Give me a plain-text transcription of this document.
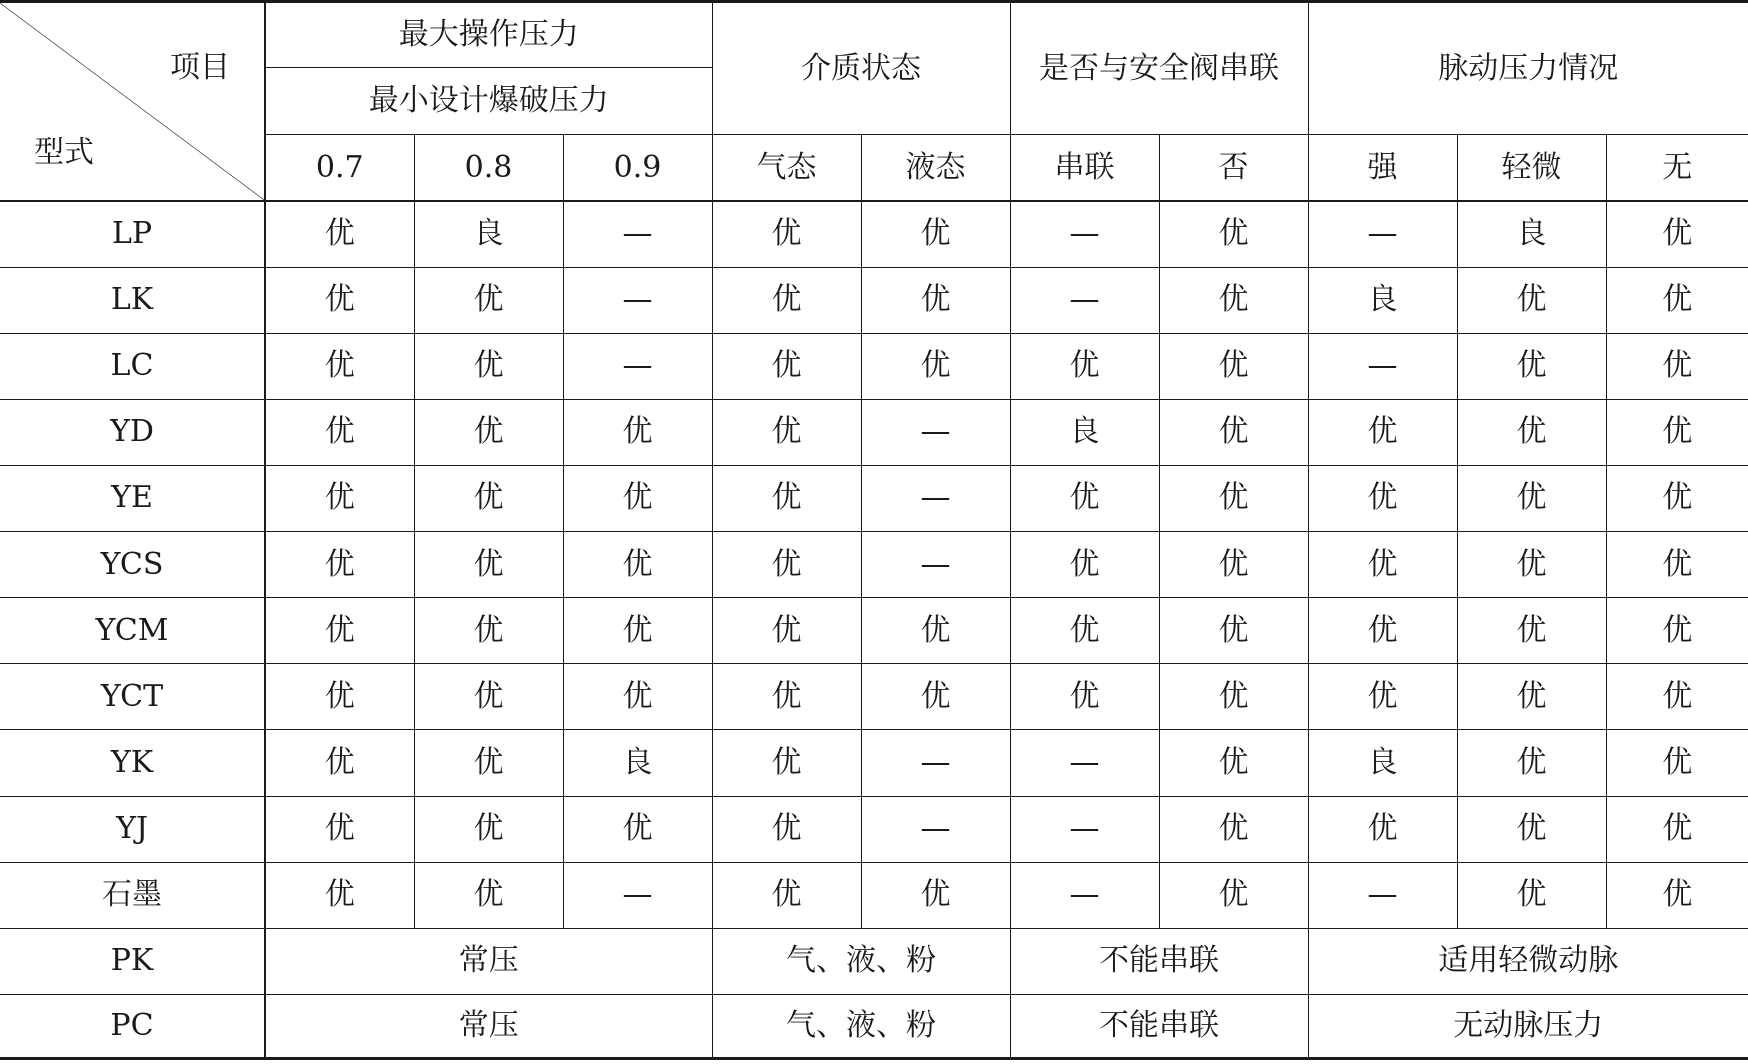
项目
型式	最大操作压力			介质状态		是否与安全阀串联		脉动压力情况		
	最小设计爆破压力									
	0.7	0.8	0.9	气态	液态	串联	否	强	轻微	无
LP	优	良	—	优	优	—	优	—	良	优
LK	优	优	—	优	优	—	优	良	优	优
LC	优	优	—	优	优	优	优	—	优	优
YD	优	优	优	优	—	良	优	优	优	优
YE	优	优	优	优	—	优	优	优	优	优
YCS	优	优	优	优	—	优	优	优	优	优
YCM	优	优	优	优	优	优	优	优	优	优
YCT	优	优	优	优	优	优	优	优	优	优
YK	优	优	良	优	—	—	优	良	优	优
YJ	优	优	优	优	—	—	优	优	优	优
石墨	优	优	—	优	优	—	优	—	优	优
PK	常压			气、液、粉		不能串联		适用轻微动脉		
PC	常压			气、液、粉		不能串联		无动脉压力		
